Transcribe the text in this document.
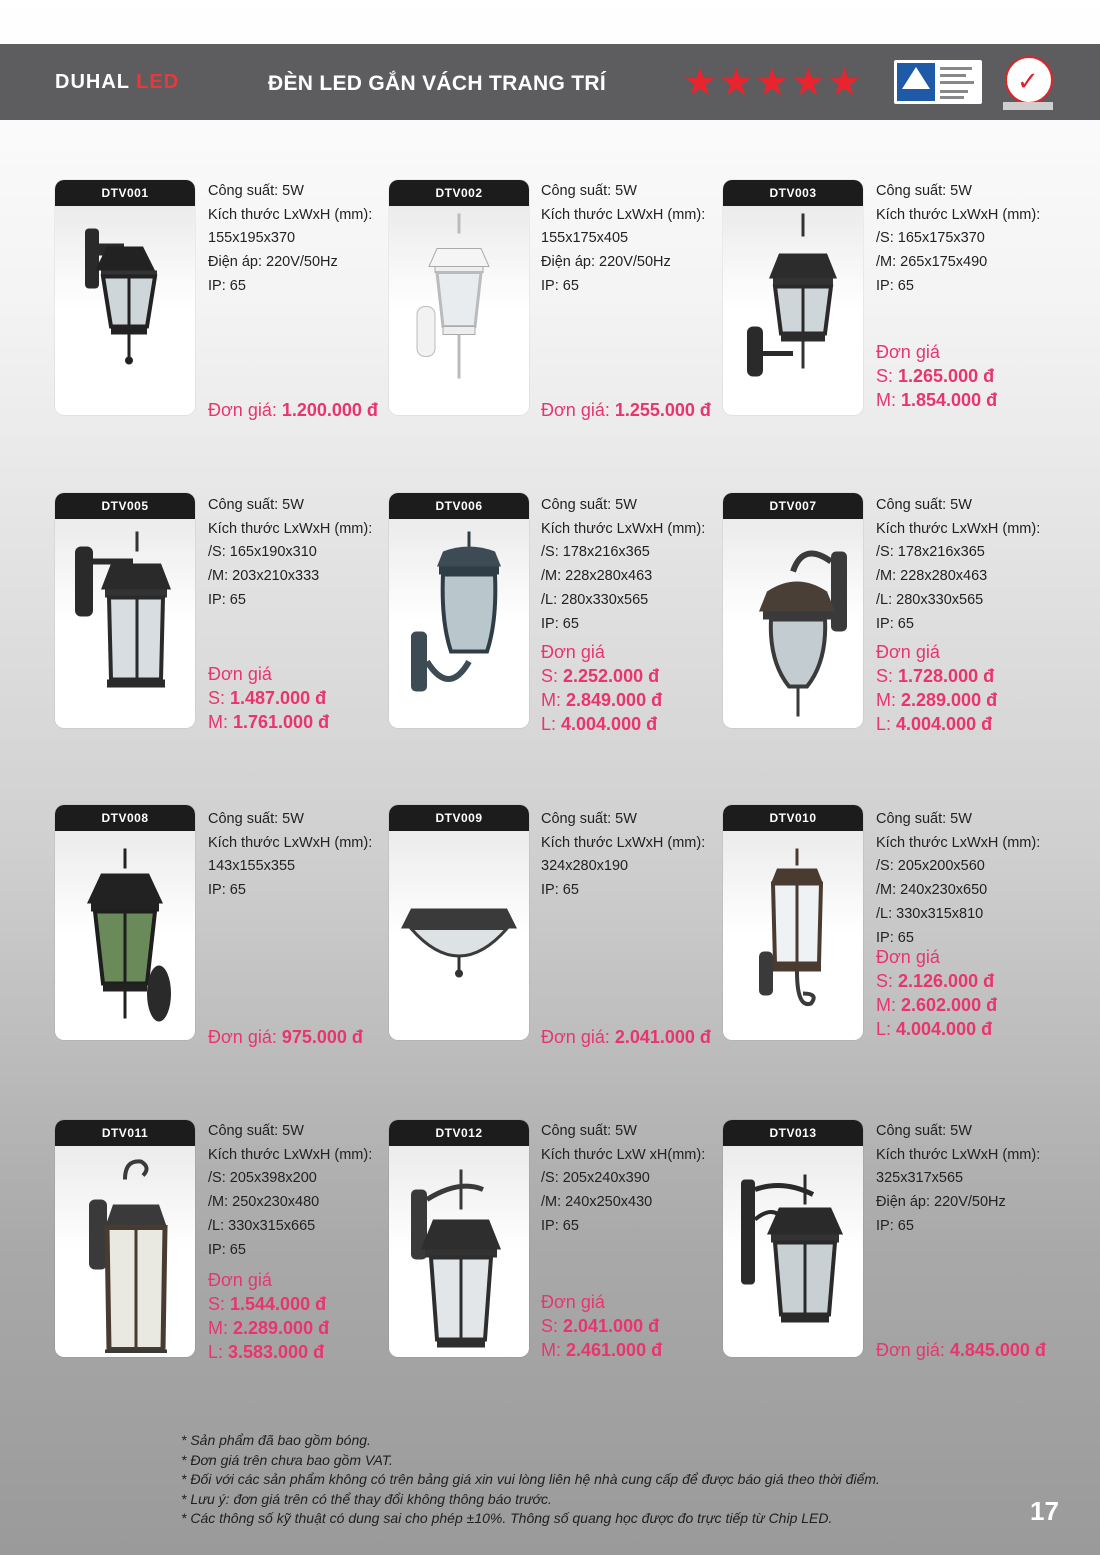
DUHAL LED	ĐÈN LED GẮN VÁCH TRANG TRÍ ★ ★ ★ ★ ★	✓
DTV001	Công suất: 5W
Kích thước LxWxH (mm):
155x195x370
Điện áp: 220V/50Hz
IP: 65
Đơn giá: 1.200.000 đ
DTV002	Công suất: 5W
Kích thước LxWxH (mm):
155x175x405
Điện áp: 220V/50Hz
IP: 65
Đơn giá: 1.255.000 đ
DTV003	Công suất: 5W
Kích thước LxWxH (mm):
/S: 165x175x370
/M: 265x175x490
IP: 65
Đơn giá
S: 1.265.000 đ
M: 1.854.000 đ
DTV005	Công suất: 5W
Kích thước LxWxH (mm):
/S: 165x190x310
/M: 203x210x333
IP: 65
Đơn giá
S: 1.487.000 đ
M: 1.761.000 đ
DTV006	Công suất: 5W
Kích thước LxWxH (mm):
/S: 178x216x365
/M: 228x280x463
/L: 280x330x565
IP: 65
Đơn giá
S: 2.252.000 đ
M: 2.849.000 đ
L: 4.004.000 đ
DTV007	Công suất: 5W
Kích thước LxWxH (mm):
/S: 178x216x365
/M: 228x280x463
/L: 280x330x565
IP: 65
Đơn giá
S: 1.728.000 đ
M: 2.289.000 đ
L: 4.004.000 đ
DTV008	Công suất: 5W
Kích thước LxWxH (mm):
143x155x355
IP: 65
Đơn giá: 975.000 đ
DTV009	Công suất: 5W
Kích thước LxWxH (mm):
324x280x190
IP: 65
Đơn giá: 2.041.000 đ
DTV010	Công suất: 5W
Kích thước LxWxH (mm):
/S: 205x200x560
/M: 240x230x650
/L: 330x315x810
IP: 65
Đơn giá
S: 2.126.000 đ
M: 2.602.000 đ
L: 4.004.000 đ
DTV011	Công suất: 5W
Kích thước LxWxH (mm):
/S: 205x398x200
/M: 250x230x480
/L: 330x315x665
IP: 65
Đơn giá
S: 1.544.000 đ
M: 2.289.000 đ
L: 3.583.000 đ
DTV012	Công suất: 5W
Kích thước LxW xH(mm):
/S: 205x240x390
/M: 240x250x430
IP: 65
Đơn giá
S: 2.041.000 đ
M: 2.461.000 đ
DTV013	Công suất: 5W
Kích thước LxWxH (mm):
325x317x565
Điện áp: 220V/50Hz
IP: 65
Đơn giá: 4.845.000 đ
* Sản phẩm đã bao gồm bóng.
* Đơn giá trên chưa bao gồm VAT.
* Đối với các sản phẩm không có trên bảng giá xin vui lòng liên hệ nhà cung cấp để được báo giá theo thời điểm.
* Lưu ý: đơn giá trên có thể thay đổi không thông báo trước.
* Các thông số kỹ thuật có dung sai cho phép ±10%. Thông số quang học được đo trực tiếp từ Chip LED.	17
